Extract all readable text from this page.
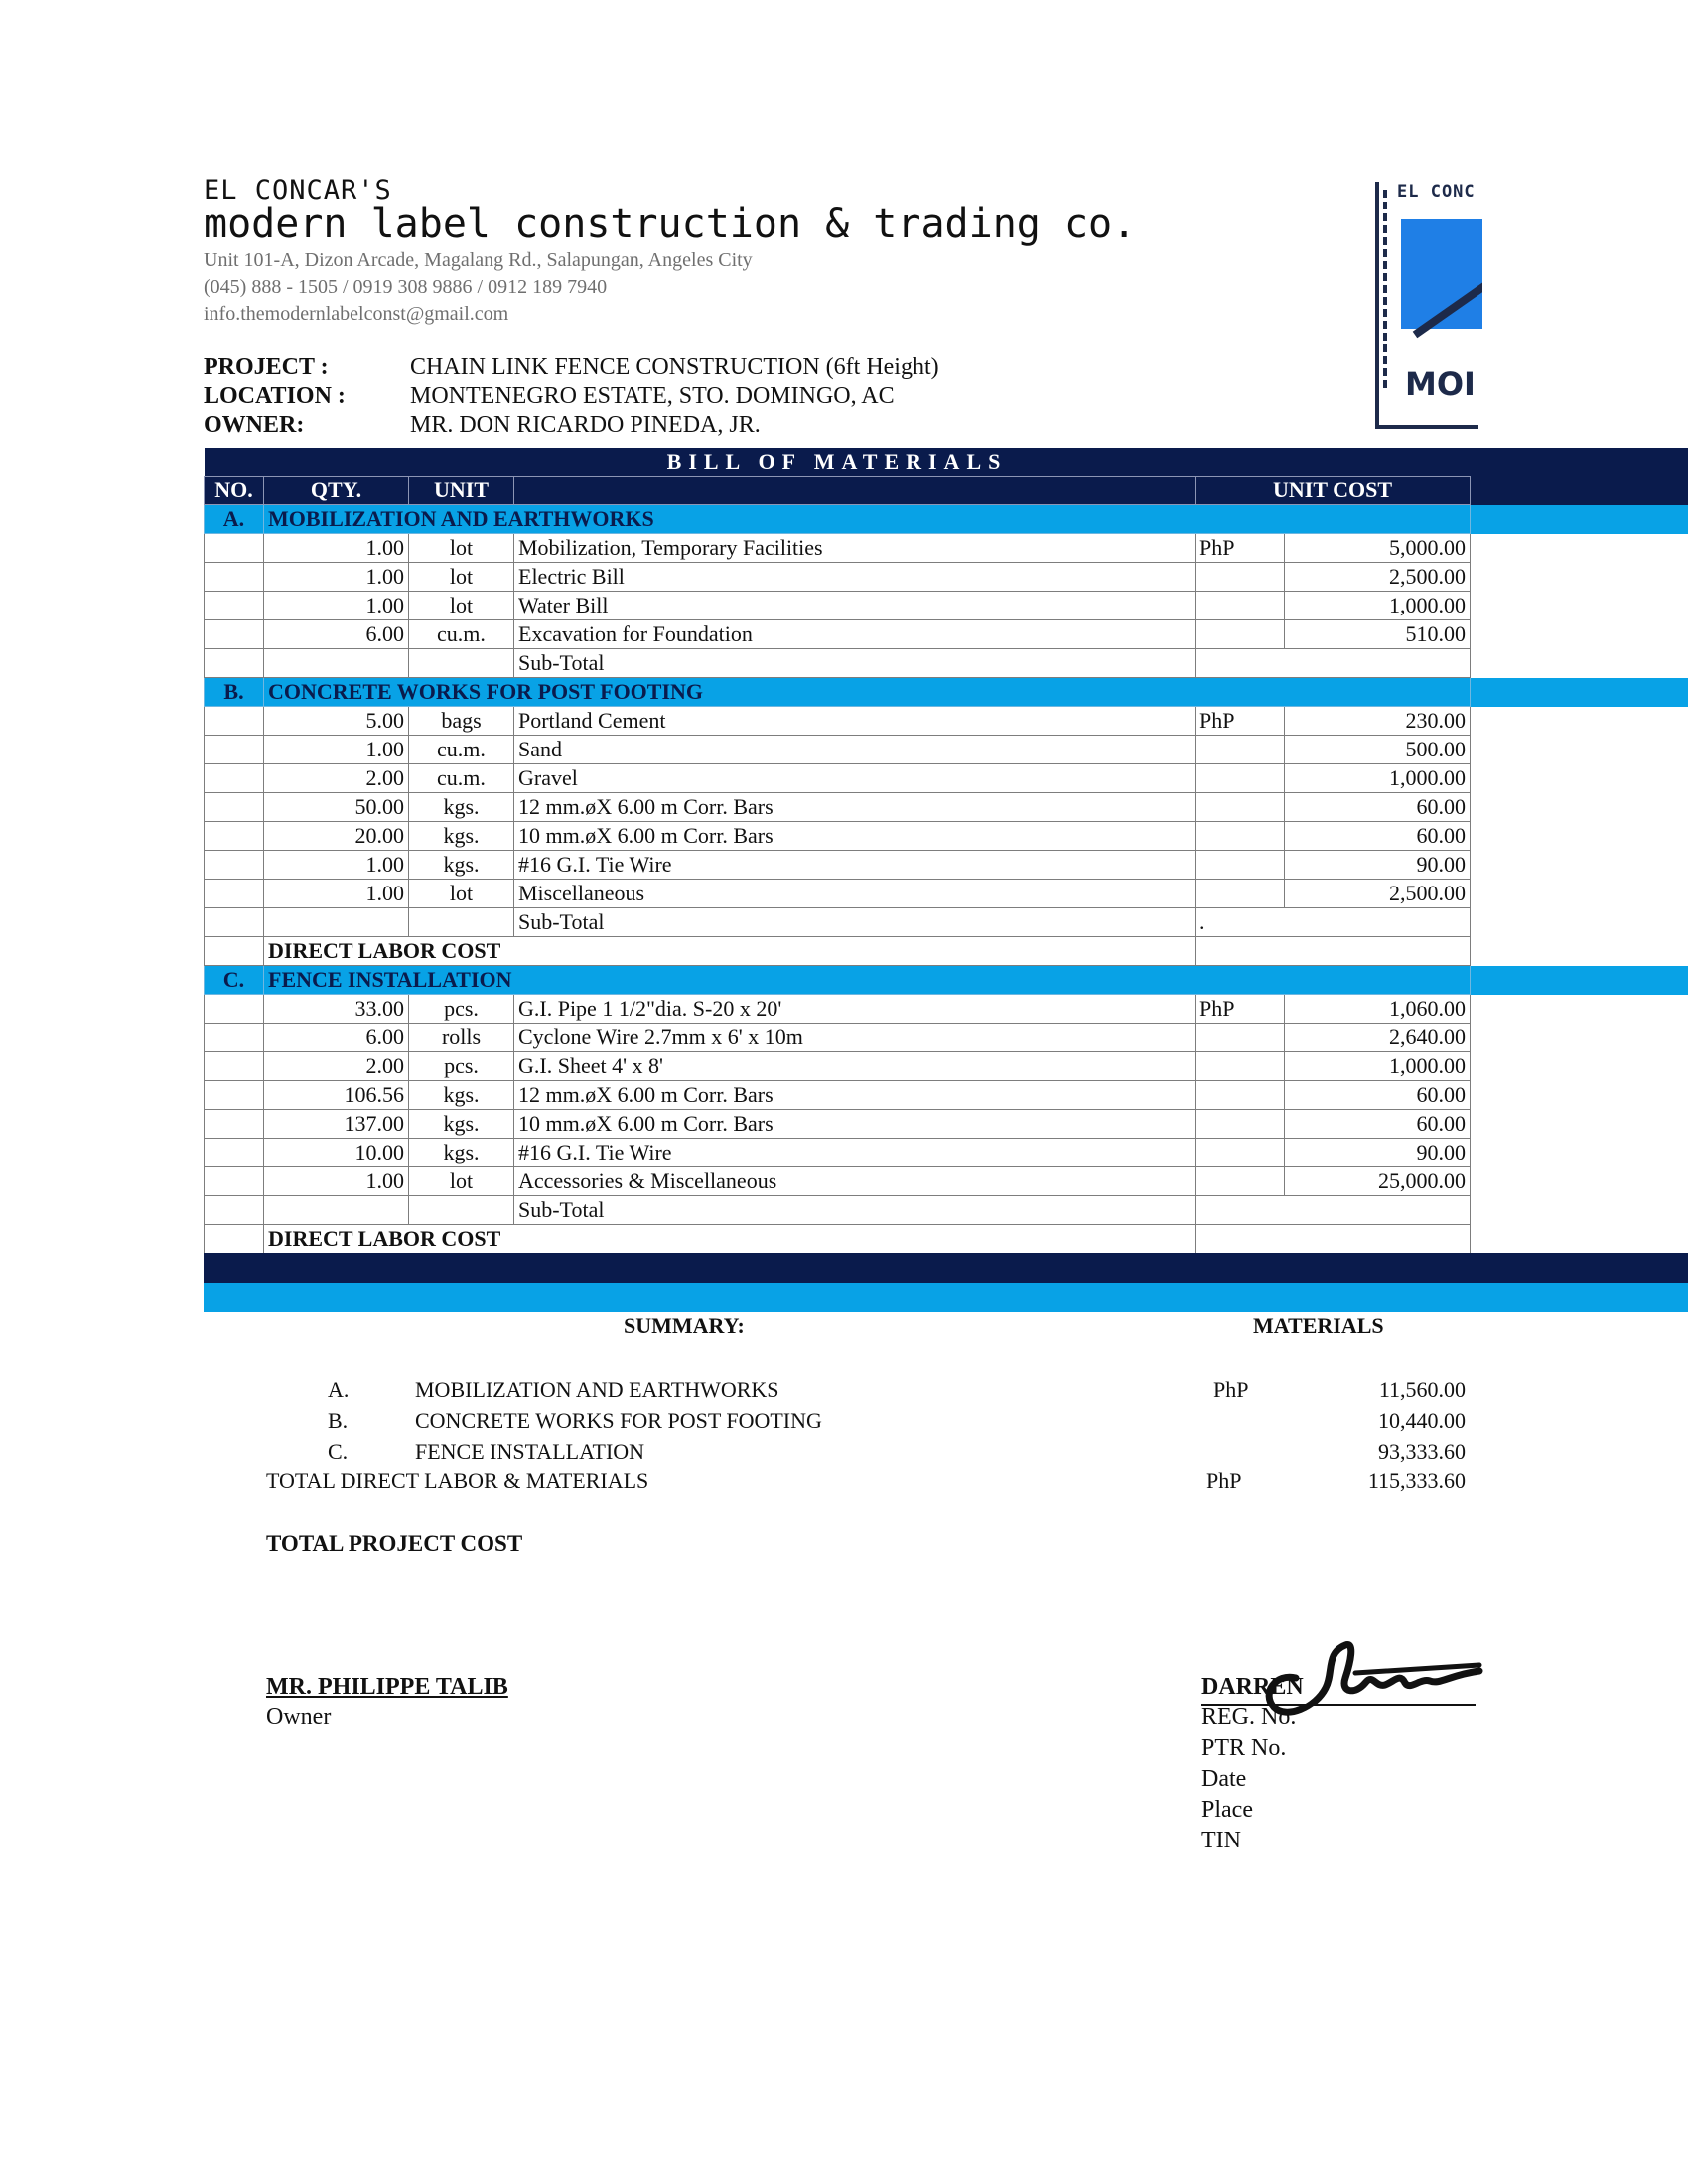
EL CONCAR'S
modern label construction & trading co.
Unit 101-A, Dizon Arcade, Magalang Rd., Salapungan, Angeles City
(045) 888 - 1505 / 0919 308 9886 / 0912 189 7940
info.themodernlabelconst@gmail.com
EL CONC
MOI
PROJECT :	CHAIN LINK FENCE CONSTRUCTION (6ft Height)
LOCATION :	MONTENEGRO ESTATE, STO. DOMINGO, AC
OWNER:	MR. DON RICARDO PINEDA, JR.
BILL OF MATERIALS					
NO.	QTY.	UNIT		UNIT COST	
A.	MOBILIZATION AND EARTHWORKS				
	1.00	lot	Mobilization, Temporary Facilities	PhP	5,000.00
	1.00	lot	Electric Bill		2,500.00
	1.00	lot	Water Bill		1,000.00
	6.00	cu.m.	Excavation for Foundation		510.00
			Sub-Total		
B.	CONCRETE WORKS FOR POST FOOTING				
	5.00	bags	Portland Cement	PhP	230.00
	1.00	cu.m.	Sand		500.00
	2.00	cu.m.	Gravel		1,000.00
	50.00	kgs.	12 mm.øX 6.00 m Corr. Bars		60.00
	20.00	kgs.	10 mm.øX 6.00 m Corr. Bars		60.00
	1.00	kgs.	#16 G.I. Tie Wire		90.00
	1.00	lot	Miscellaneous		2,500.00
			Sub-Total	.	
	DIRECT LABOR COST				
C.	FENCE INSTALLATION				
	33.00	pcs.	G.I. Pipe 1 1/2"dia. S-20 x 20'	PhP	1,060.00
	6.00	rolls	Cyclone Wire 2.7mm x 6' x 10m		2,640.00
	2.00	pcs.	G.I. Sheet 4' x 8'		1,000.00
	106.56	kgs.	12 mm.øX 6.00 m Corr. Bars		60.00
	137.00	kgs.	10 mm.øX 6.00 m Corr. Bars		60.00
	10.00	kgs.	#16 G.I. Tie Wire		90.00
	1.00	lot	Accessories & Miscellaneous		25,000.00
			Sub-Total		
	DIRECT LABOR COST				
SUMMARY:	MATERIALS
A.	MOBILIZATION AND EARTHWORKS	PhP	11,560.00
B.	CONCRETE WORKS FOR POST FOOTING	10,440.00
C.	FENCE INSTALLATION	93,333.60
TOTAL DIRECT LABOR & MATERIALS	PhP	115,333.60
TOTAL PROJECT COST
MR. PHILIPPE TALIB
Owner
DARREN
REG. No.
PTR No.
Date
Place
TIN
